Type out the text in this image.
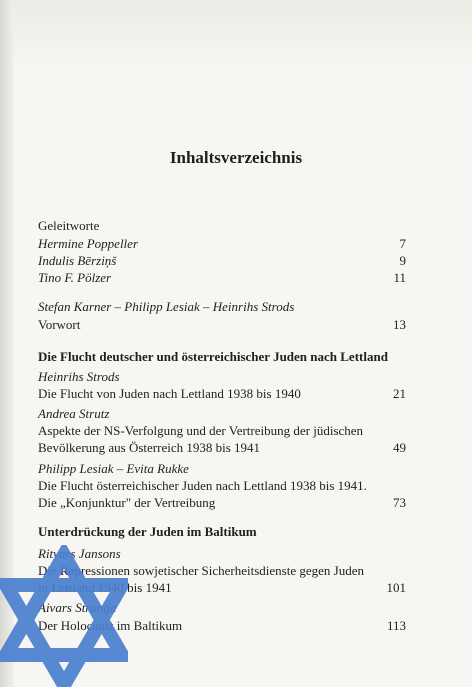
Inhaltsverzeichnis
Geleitworte
Hermine Poppeller	7
Indulis Bērziņš	9
Tino F. Pölzer	11
Stefan Karner – Philipp Lesiak – Heinrihs Strods
Vorwort	13
Die Flucht deutscher und österreichischer Juden nach Lettland
Heinrihs Strods
Die Flucht von Juden nach Lettland 1938 bis 1940	21
Andrea Strutz
Aspekte der NS-Verfolgung und der Vertreibung der jüdischen
Bevölkerung aus Österreich 1938 bis 1941	49
Philipp Lesiak – Evita Rukke
Die Flucht österreichischer Juden nach Lettland 1938 bis 1941.
Die „Konjunktur" der Vertreibung	73
Unterdrückung der Juden im Baltikum
Ritvars Jansons
Die Repressionen sowjetischer Sicherheitsdienste gegen Juden
in Lettland 1940 bis 1941	101
Aivars Stranga
Der Holocaust im Baltikum	113
